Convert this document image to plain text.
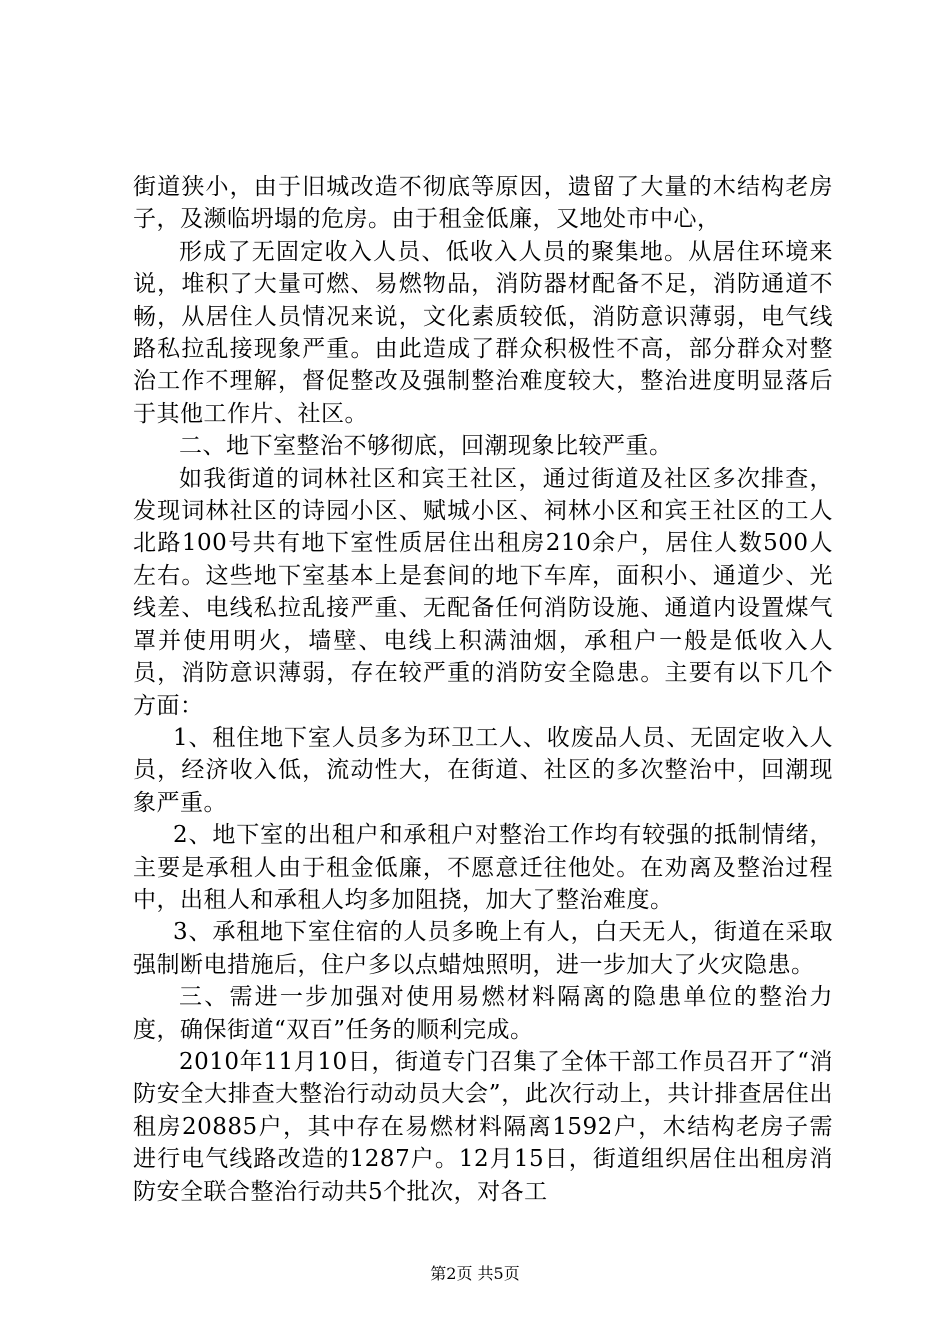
街道狭小，由于旧城改造不彻底等原因，遗留了大量的木结构老房子，及濒临坍塌的危房。由于租金低廉，又地处市中心，

形成了无固定收入人员、低收入人员的聚集地。从居住环境来说，堆积了大量可燃、易燃物品，消防器材配备不足，消防通道不畅，从居住人员情况来说，文化素质较低，消防意识薄弱，电气线路私拉乱接现象严重。由此造成了群众积极性不高，部分群众对整治工作不理解，督促整改及强制整治难度较大，整治进度明显落后于其他工作片、社区。

二、地下室整治不够彻底，回潮现象比较严重。

如我街道的词林社区和宾王社区，通过街道及社区多次排查，发现词林社区的诗园小区、赋城小区、祠林小区和宾王社区的工人北路100号共有地下室性质居住出租房210余户，居住人数500人左右。这些地下室基本上是套间的地下车库，面积小、通道少、光线差、电线私拉乱接严重、无配备任何消防设施、通道内设置煤气罩并使用明火，墙壁、电线上积满油烟，承租户一般是低收入人员，消防意识薄弱，存在较严重的消防安全隐患。主要有以下几个方面：

1、租住地下室人员多为环卫工人、收废品人员、无固定收入人员，经济收入低，流动性大，在街道、社区的多次整治中，回潮现象严重。

2、地下室的出租户和承租户对整治工作均有较强的抵制情绪，主要是承租人由于租金低廉，不愿意迁往他处。在劝离及整治过程中，出租人和承租人均多加阻挠，加大了整治难度。

3、承租地下室住宿的人员多晚上有人，白天无人，街道在采取强制断电措施后，住户多以点蜡烛照明，进一步加大了火灾隐患。

三、需进一步加强对使用易燃材料隔离的隐患单位的整治力度，确保街道“双百”任务的顺利完成。

2010年11月10日，街道专门召集了全体干部工作员召开了“消防安全大排查大整治行动动员大会”，此次行动上，共计排查居住出租房20885户，其中存在易燃材料隔离1592户，木结构老房子需进行电气线路改造的1287户。12月15日，街道组织居住出租房消防安全联合整治行动共5个批次，对各工

第2页 共5页
